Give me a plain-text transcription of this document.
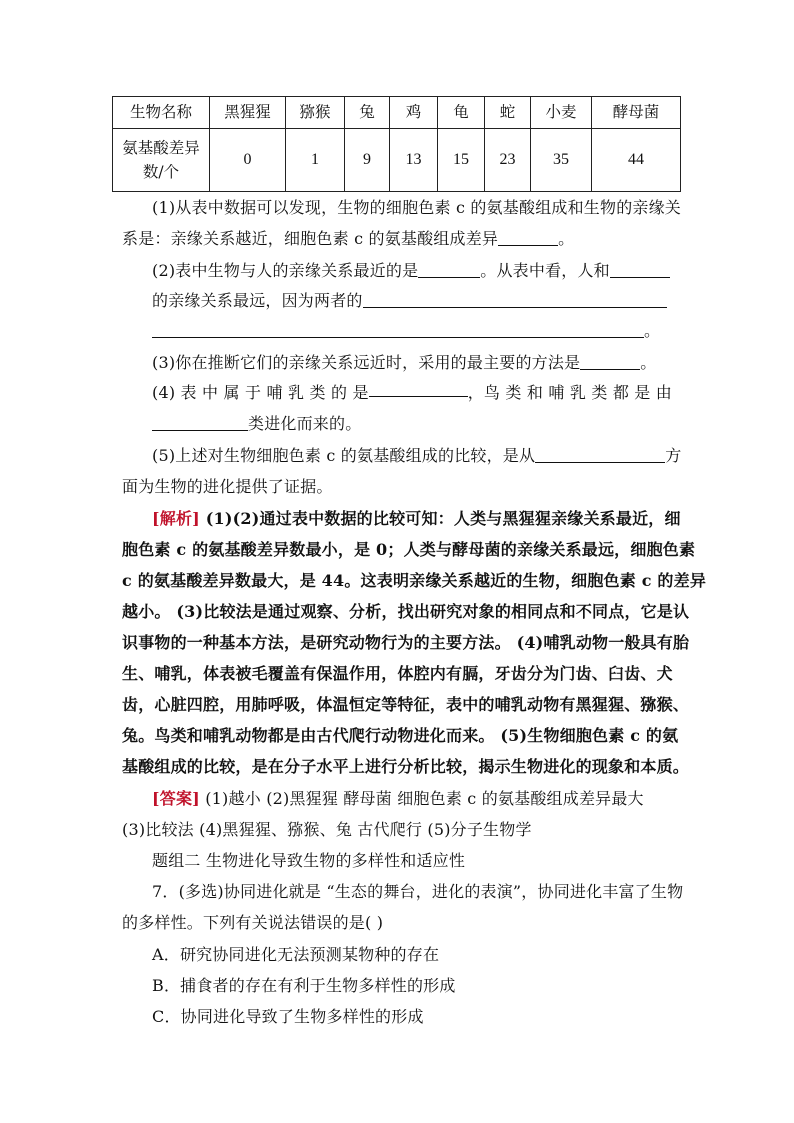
生物名称	黑猩猩	猕猴	兔	鸡	龟	蛇	小麦	酵母菌
氨基酸差异
数/个	0	1	9	13	15	23	35	44
(1)从表中数据可以发现，生物的细胞色素 c 的氨基酸组成和生物的亲缘关
系是：亲缘关系越近，细胞色素 c 的氨基酸组成差异	。
(2)表中生物与人的亲缘关系最近的是	。从表中看，人和
的亲缘关系最远，因为两者的
。
(3)你在推断它们的亲缘关系远近时，采用的最主要的方法是	。
(4) 表 中 属 于 哺 乳 类 的 是	，鸟 类 和 哺 乳 类 都 是 由
类进化而来的。
(5)上述对生物细胞色素 c 的氨基酸组成的比较，是从	方
面为生物的进化提供了证据。
[解析] (1)(2)通过表中数据的比较可知：人类与黑猩猩亲缘关系最近，细
胞色素 c 的氨基酸差异数最小，是 0；人类与酵母菌的亲缘关系最远，细胞色素
c 的氨基酸差异数最大，是 44。这表明亲缘关系越近的生物，细胞色素 c 的差异
越小。 (3)比较法是通过观察、分析，找出研究对象的相同点和不同点，它是认
识事物的一种基本方法，是研究动物行为的主要方法。 (4)哺乳动物一般具有胎
生、哺乳，体表被毛覆盖有保温作用，体腔内有膈，牙齿分为门齿、臼齿、犬
齿，心脏四腔，用肺呼吸，体温恒定等特征，表中的哺乳动物有黑猩猩、猕猴、
兔。鸟类和哺乳动物都是由古代爬行动物进化而来。 (5)生物细胞色素 c 的氨
基酸组成的比较，是在分子水平上进行分析比较，揭示生物进化的现象和本质。
[答案] (1)越小 (2)黑猩猩 酵母菌 细胞色素 c 的氨基酸组成差异最大
(3)比较法 (4)黑猩猩、猕猴、兔 古代爬行 (5)分子生物学
题组二 生物进化导致生物的多样性和适应性
7．(多选)协同进化就是 “生态的舞台，进化的表演”，协同进化丰富了生物
的多样性。下列有关说法错误的是( )
A．研究协同进化无法预测某物种的存在
B．捕食者的存在有利于生物多样性的形成
C．协同进化导致了生物多样性的形成
